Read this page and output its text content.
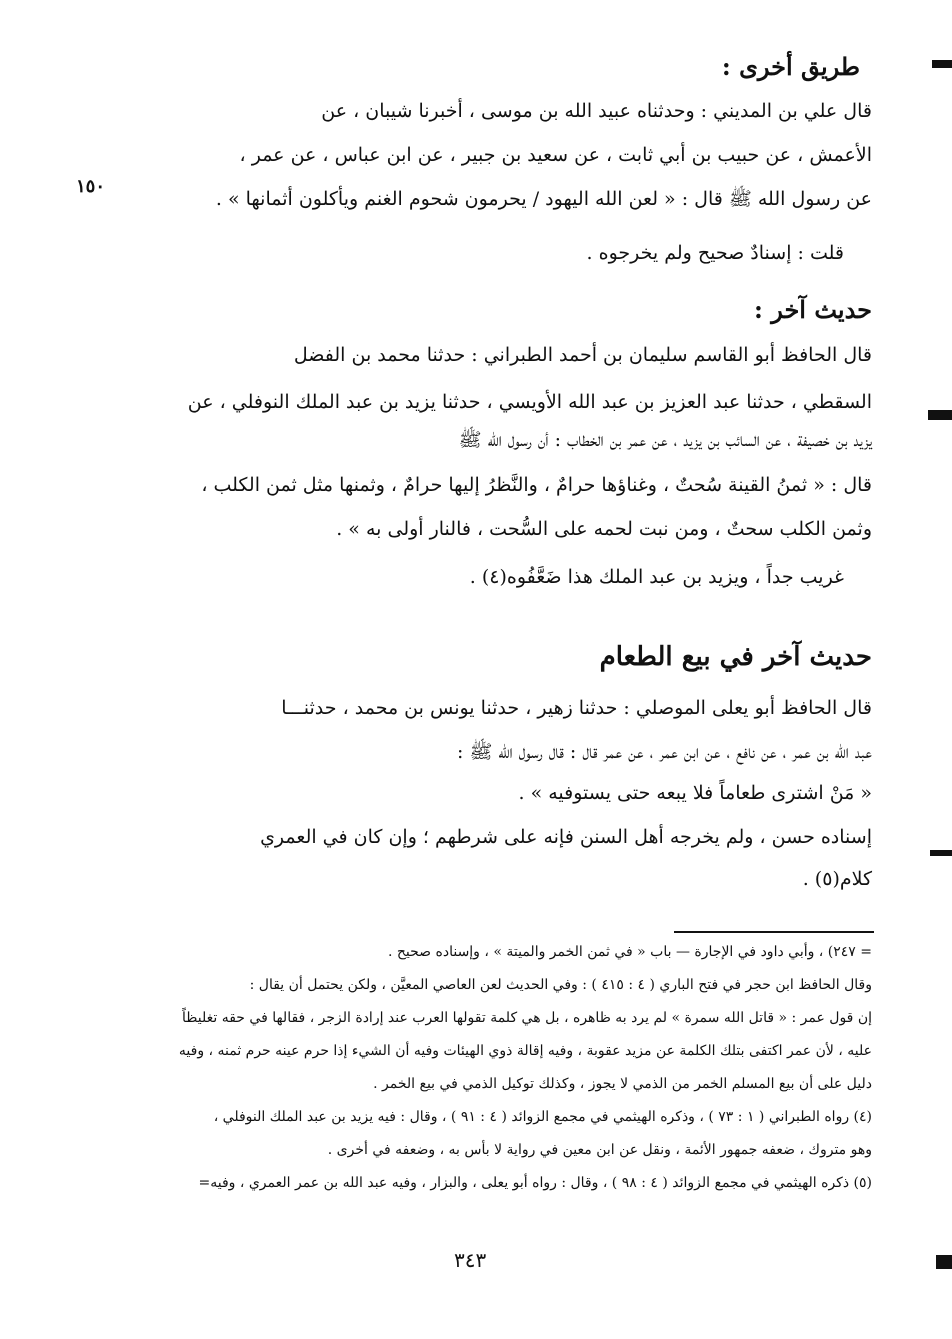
طريق أخرى :
قال علي بن المديني : وحدثناه عبيد الله بن موسى ، أخبرنا شيبان ، عن
الأعمش ، عن حبيب بن أبي ثابت ، عن سعيد بن جبير ، عن ابن عباس ، عن عمر ،
عن رسول الله ﷺ قال : « لعن الله اليهود / يحرمون شحوم الغنم ويأكلون أثمانها » .
١٥٠
قلت : إسنادٌ صحيح ولم يخرجوه .
حديث آخر :
قال الحافظ أبو القاسم سليمان بن أحمد الطبراني : حدثنا محمد بن الفضل
السقطي ، حدثنا عبد العزيز بن عبد الله الأويسي ، حدثنا يزيد بن عبد الملك النوفلي ، عن
يزيد بن خصيفة ، عن السائب بن يزيد ، عن عمر بن الخطاب : أن رسول الله ﷺ
قال : « ثمنُ القينة سُحتٌ ، وغناؤها حرامٌ ، والنَّظرُ إليها حرامٌ ، وثمنها مثل ثمن الكلب ،
وثمن الكلب سحتٌ ، ومن نبت لحمه على السُّحت ، فالنار أولى به » .
غريب جداً ، ويزيد بن عبد الملك هذا ضَعَّفُوه(٤) .
حديث آخر في بيع الطعام
قال الحافظ أبو يعلى الموصلي : حدثنا زهير ، حدثنا يونس بن محمد ، حدثنـــا
عبد الله بن عمر ، عن نافع ، عن ابن عمر ، عن عمر قال : قال رسول الله ﷺ :
« مَنْ اشترى طعاماً فلا يبعه حتى يستوفيه » .
إسناده حسن ، ولم يخرجه أهل السنن فإنه على شرطهم ؛ وإن كان في العمري
كلام(٥) .
= ٢٤٧) ، وأبي داود في الإجارة — باب « في ثمن الخمر والميتة » ، وإسناده صحيح .
وقال الحافظ ابن حجر في فتح الباري ( ٤ : ٤١٥ ) : وفي الحديث لعن العاصي المعيَّن ، ولكن يحتمل أن يقال :
إن قول عمر : « قاتل الله سمرة » لم يرد به ظاهره ، بل هي كلمة تقولها العرب عند إرادة الزجر ، فقالها في حقه تغليظاً
عليه ، لأن عمر اكتفى بتلك الكلمة عن مزيد عقوبة ، وفيه إقالة ذوي الهيئات وفيه أن الشيء إذا حرم عينه حرم ثمنه ، وفيه
دليل على أن بيع المسلم الخمر من الذمي لا يجوز ، وكذلك توكيل الذمي في بيع الخمر .
(٤) رواه الطبراني ( ١ : ٧٣ ) ، وذكره الهيثمي في مجمع الزوائد ( ٤ : ٩١ ) ، وقال : فيه يزيد بن عبد الملك النوفلي ،
وهو متروك ، ضعفه جمهور الأئمة ، ونقل عن ابن معين في رواية لا بأس به ، وضعفه في أخرى .
(٥) ذكره الهيثمي في مجمع الزوائد ( ٤ : ٩٨ ) ، وقال : رواه أبو يعلى ، والبزار ، وفيه عبد الله بن عمر العمري ، وفيه=
٣٤٣
